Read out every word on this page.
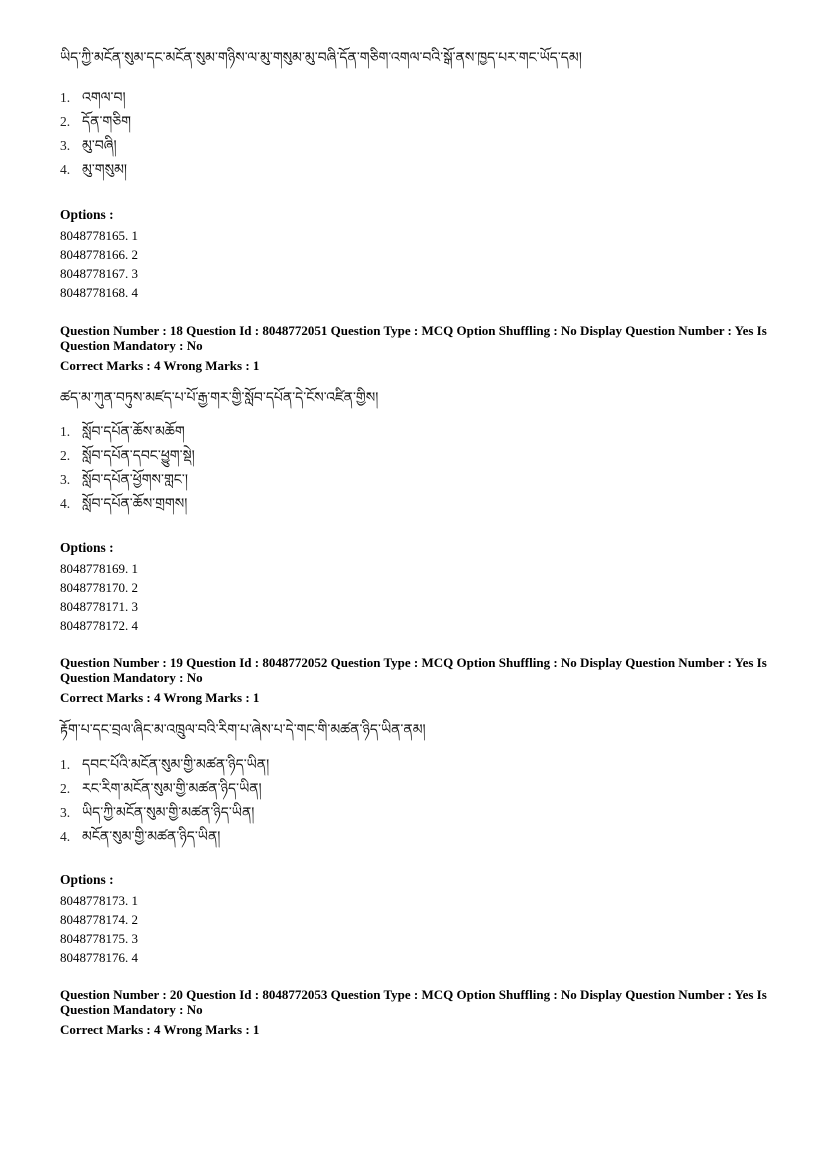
ཡིད་ཀྱི་མངོན་སུམ་དང་མངོན་སུམ་གཉིས་ལ་མུ་གསུམ་མུ་བཞི་དོན་གཅིག་འགལ་བའི་སྒོ་ནས་ཁྱད་པར་གང་ཡོད་དམ།
1. འགལ་བ།
2. དོན་གཅིག
3. མུ་བཞི།
4. མུ་གསུམ།
Options :
8048778165. 1
8048778166. 2
8048778167. 3
8048778168. 4
Question Number : 18 Question Id : 8048772051 Question Type : MCQ Option Shuffling : No Display Question Number : Yes Is Question Mandatory : No
Correct Marks : 4 Wrong Marks : 1
ཚད་མ་ཀུན་བཏུས་མཛད་པ་པོ་རྒྱ་གར་གྱི་སློབ་དཔོན་དེ་ངོས་འཛིན་གྱིས།
1. སློབ་དཔོན་ཆོས་མཆོག
2. སློབ་དཔོན་དབང་ཕྱུག་སྡེ།
3. སློབ་དཔོན་ཕྱོགས་གླང་།
4. སློབ་དཔོན་ཆོས་གྲགས།
Options :
8048778169. 1
8048778170. 2
8048778171. 3
8048778172. 4
Question Number : 19 Question Id : 8048772052 Question Type : MCQ Option Shuffling : No Display Question Number : Yes Is Question Mandatory : No
Correct Marks : 4 Wrong Marks : 1
རྟོག་པ་དང་བྲལ་ཞིང་མ་འཁྲུལ་བའི་རིག་པ་ཞེས་པ་དེ་གང་གི་མཚན་ཉིད་ཡིན་ནམ།
1. དབང་པོའི་མངོན་སུམ་གྱི་མཚན་ཉིད་ཡིན།
2. རང་རིག་མངོན་སུམ་གྱི་མཚན་ཉིད་ཡིན།
3. ཡིད་ཀྱི་མངོན་སུམ་གྱི་མཚན་ཉིད་ཡིན།
4. མངོན་སུམ་གྱི་མཚན་ཉིད་ཡིན།
Options :
8048778173. 1
8048778174. 2
8048778175. 3
8048778176. 4
Question Number : 20 Question Id : 8048772053 Question Type : MCQ Option Shuffling : No Display Question Number : Yes Is Question Mandatory : No
Correct Marks : 4 Wrong Marks : 1
